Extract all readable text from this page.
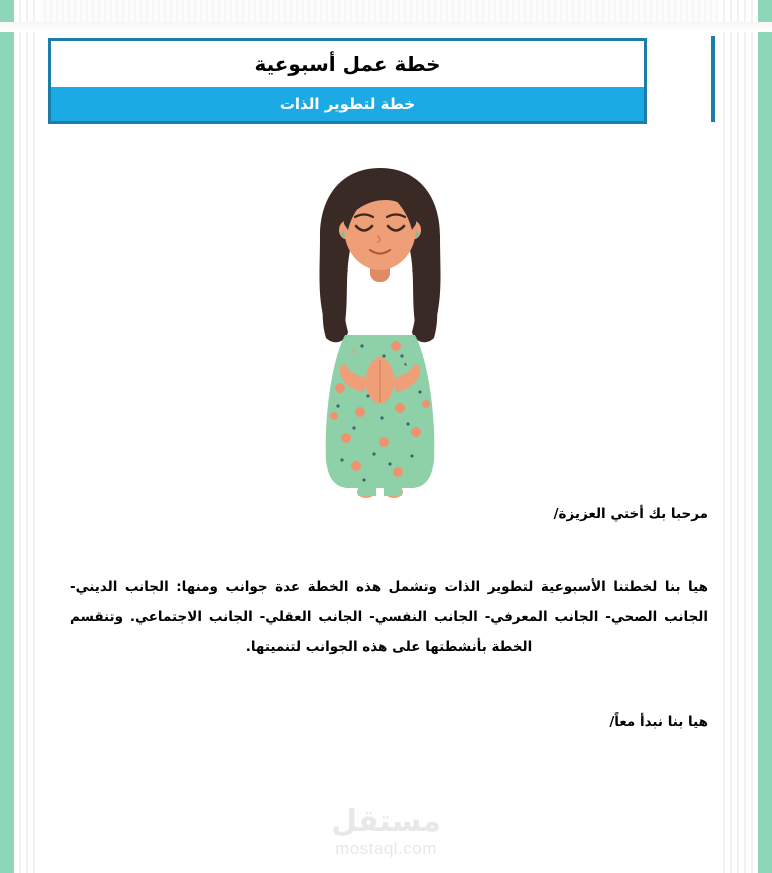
خطة عمل أسبوعية
خطة لتطوير الذات

مرحبا بك أختي العزيزة/

هيا بنا لخطتنا الأسبوعية لتطوير الذات وتشمل هذه الخطة عدة جوانب ومنها: الجانب الديني- الجانب الصحي- الجانب المعرفي- الجانب النفسي- الجانب العقلي- الجانب الاجتماعي. وتنقسم الخطة بأنشطتها على هذه الجوانب لتنميتها.

هيا بنا نبدأ معاً/

مستقل
mostaql.com
